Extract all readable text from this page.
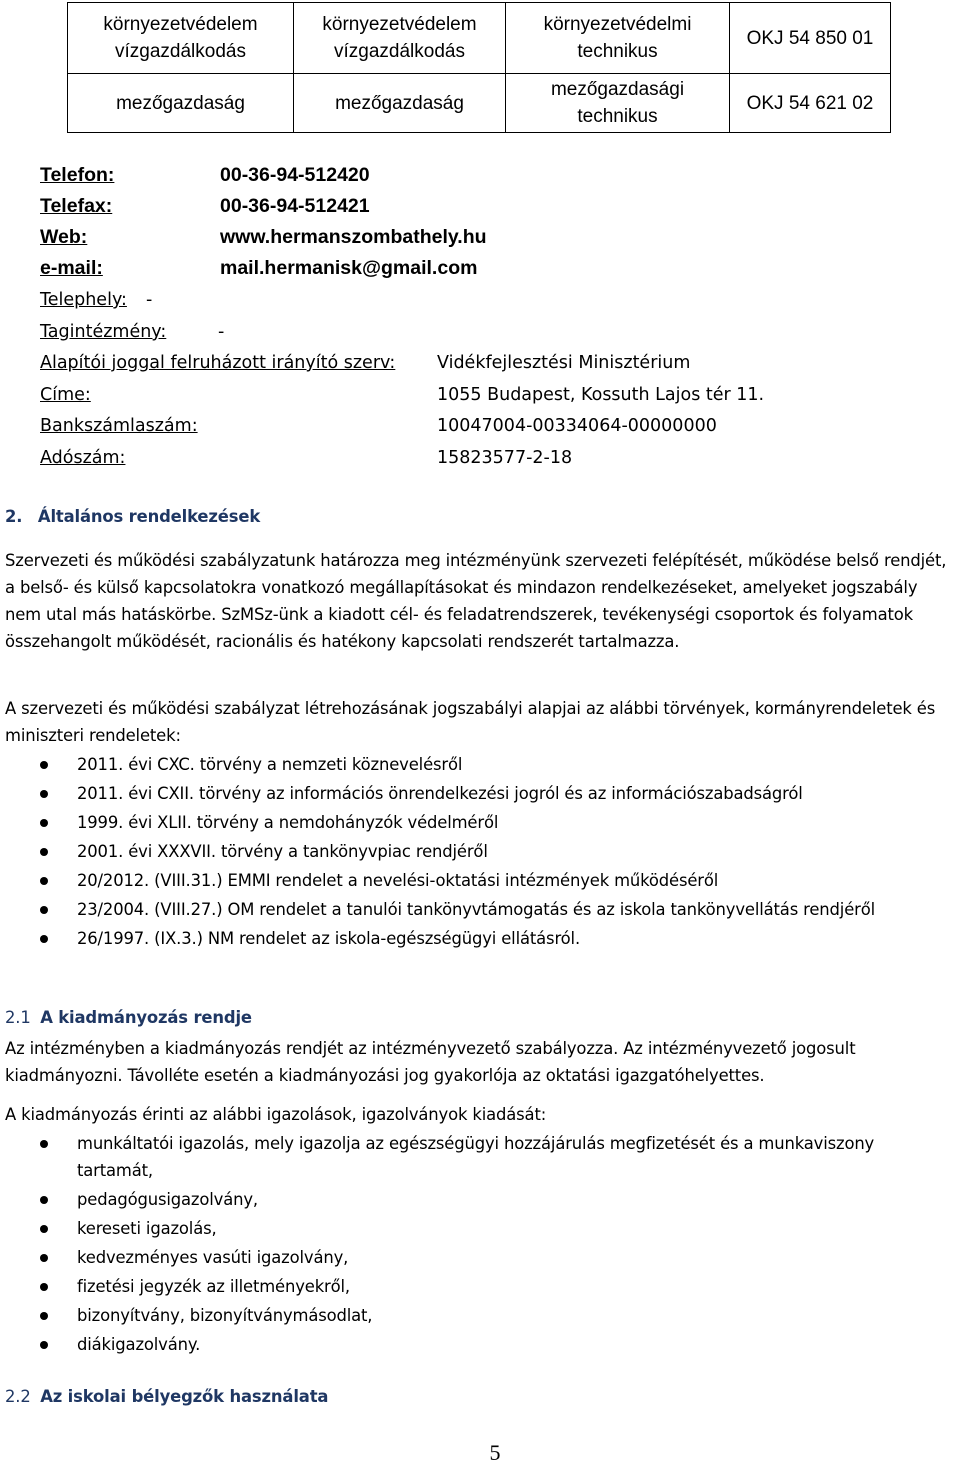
környezetvédelem vízgazdálkodás	környezetvédelem vízgazdálkodás	környezetvédelmi technikus	OKJ 54 850 01
mezőgazdaság	mezőgazdaság	mezőgazdasági technikus	OKJ 54 621 02
Telefon:	00-36-94-512420
Telefax:	00-36-94-512421
Web:	www.hermanszombathely.hu
e-mail:	mail.hermanisk@gmail.com
Telephely: -
Tagintézmény:	-
Alapítói joggal felruházott irányító szerv: Vidékfejlesztési Minisztérium
Címe:	1055 Budapest, Kossuth Lajos tér 11.
Bankszámlaszám:	10047004-00334064-00000000
Adószám:	15823577-2-18
2. Általános rendelkezések
Szervezeti és működési szabályzatunk határozza meg intézményünk szervezeti felépítését, működése belső rendjét, a belső- és külső kapcsolatokra vonatkozó megállapításokat és mindazon rendelkezéseket, amelyeket jogszabály nem utal más hatáskörbe. SzMSz-ünk a kiadott cél- és feladatrendszerek, tevékenységi csoportok és folyamatok összehangolt működését, racionális és hatékony kapcsolati rendszerét tartalmazza.
A szervezeti és működési szabályzat létrehozásának jogszabályi alapjai az alábbi törvények, kormányrendeletek és miniszteri rendeletek:
2011. évi CXC. törvény a nemzeti köznevelésről
2011. évi CXII. törvény az információs önrendelkezési jogról és az információszabadságról
1999. évi XLII. törvény a nemdohányzók védelméről
2001. évi XXXVII. törvény a tankönyvpiac rendjéről
20/2012. (VIII.31.) EMMI rendelet a nevelési-oktatási intézmények működéséről
23/2004. (VIII.27.) OM rendelet a tanulói tankönyvtámogatás és az iskola tankönyvellátás rendjéről
26/1997. (IX.3.) NM rendelet az iskola-egészségügyi ellátásról.
2.1 A kiadmányozás rendje
Az intézményben a kiadmányozás rendjét az intézményvezető szabályozza. Az intézményvezető jogosult kiadmányozni. Távolléte esetén a kiadmányozási jog gyakorlója az oktatási igazgatóhelyettes.
A kiadmányozás érinti az alábbi igazolások, igazolványok kiadását:
munkáltatói igazolás, mely igazolja az egészségügyi hozzájárulás megfizetését és a munkaviszony tartamát,
pedagógusigazolvány,
kereseti igazolás,
kedvezményes vasúti igazolvány,
fizetési jegyzék az illetményekről,
bizonyítvány, bizonyítványmásodlat,
diákigazolvány.
2.2 Az iskolai bélyegzők használata
5
